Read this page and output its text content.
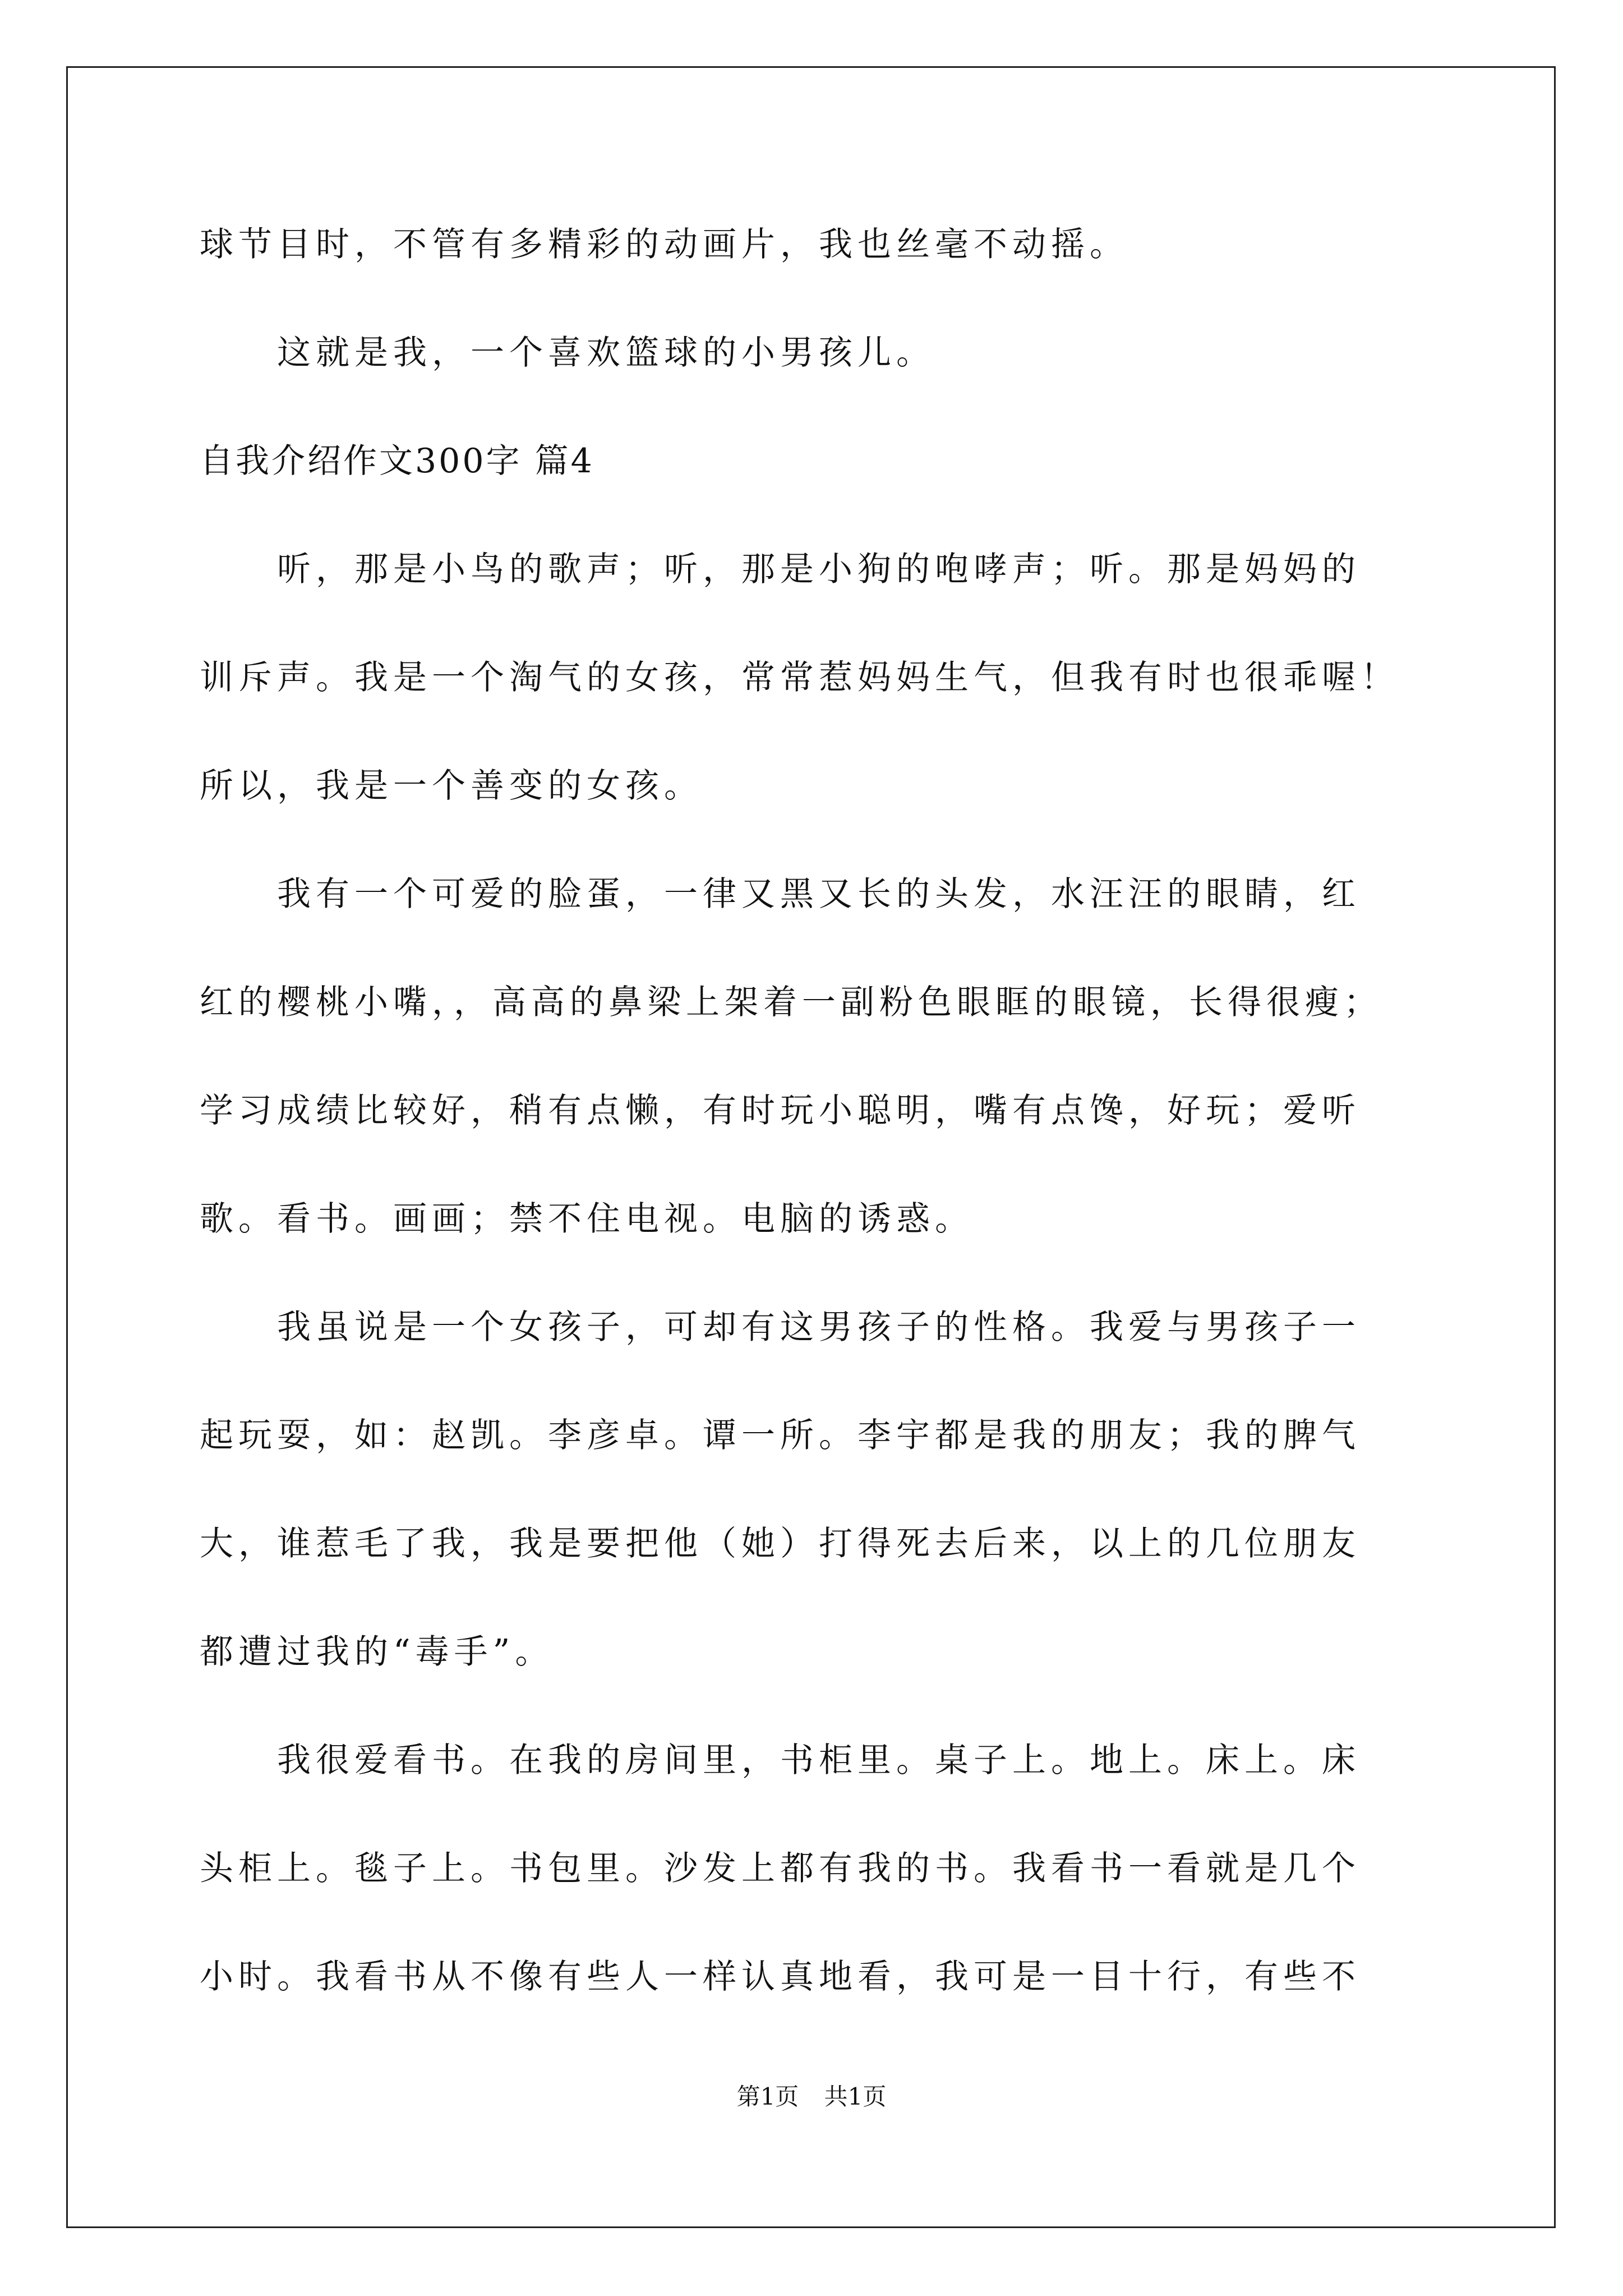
球节目时，不管有多精彩的动画片，我也丝毫不动摇。
这就是我，一个喜欢篮球的小男孩儿。
自我介绍作文300字 篇4
听，那是小鸟的歌声；听，那是小狗的咆哮声；听。那是妈妈的
训斥声。我是一个淘气的女孩，常常惹妈妈生气，但我有时也很乖喔！
所以，我是一个善变的女孩。
我有一个可爱的脸蛋，一律又黑又长的头发，水汪汪的眼睛，红
红的樱桃小嘴，，高高的鼻梁上架着一副粉色眼眶的眼镜，长得很瘦；
学习成绩比较好，稍有点懒，有时玩小聪明，嘴有点馋，好玩；爱听
歌。看书。画画；禁不住电视。电脑的诱惑。
我虽说是一个女孩子，可却有这男孩子的性格。我爱与男孩子一
起玩耍，如：赵凯。李彦卓。谭一所。李宇都是我的朋友；我的脾气
大，谁惹毛了我，我是要把他（她）打得死去后来，以上的几位朋友
都遭过我的“毒手”。
我很爱看书。在我的房间里，书柜里。桌子上。地上。床上。床
头柜上。毯子上。书包里。沙发上都有我的书。我看书一看就是几个
小时。我看书从不像有些人一样认真地看，我可是一目十行，有些不
第1页 共1页
